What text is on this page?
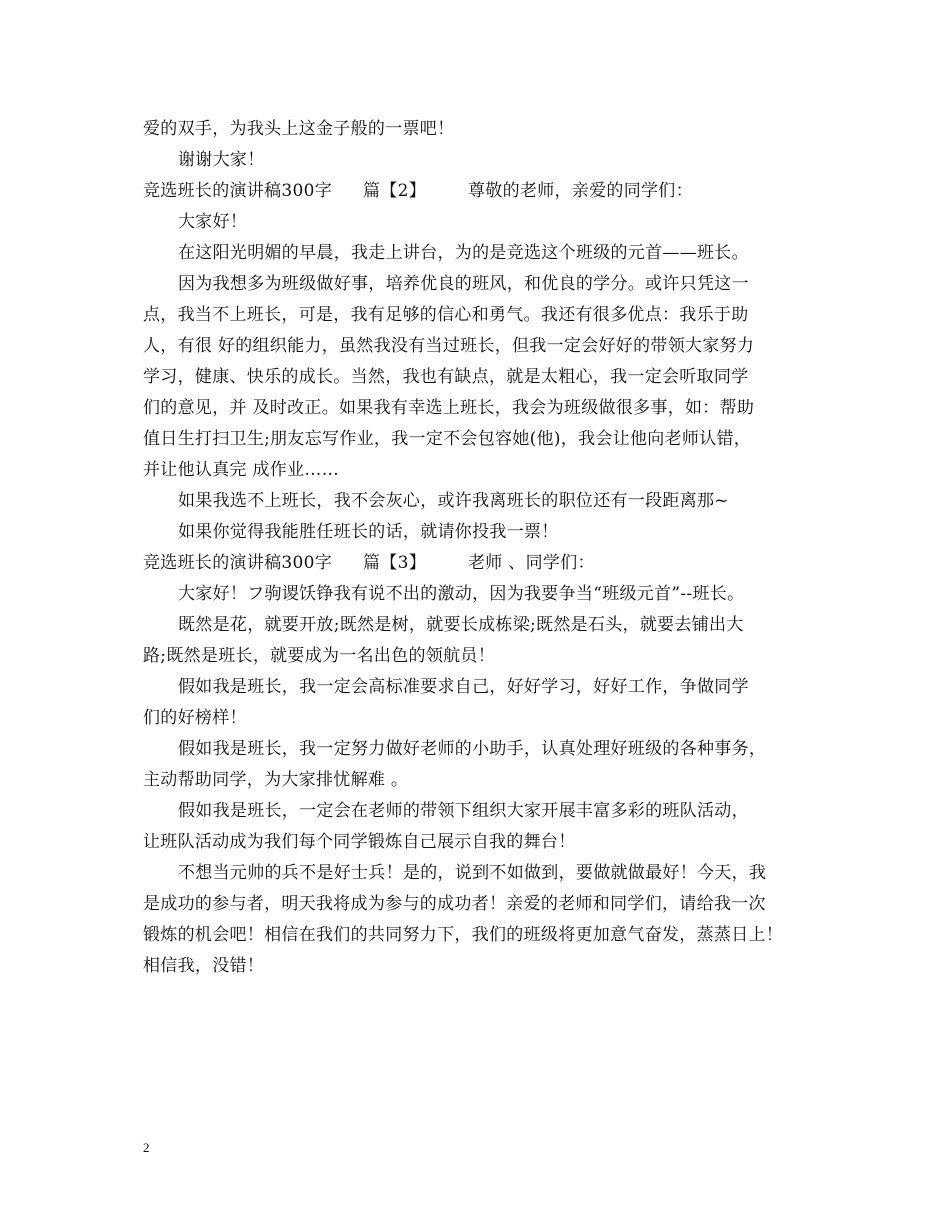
爱的双手，为我头上这金子般的一票吧！
谢谢大家！
竞选班长的演讲稿300字 篇【2】 尊敬的老师，亲爱的同学们：
大家好！
在这阳光明媚的早晨，我走上讲台，为的是竞选这个班级的元首——班长。
因为我想多为班级做好事，培养优良的班风，和优良的学分。或许只凭这一
点，我当不上班长，可是，我有足够的信心和勇气。我还有很多优点：我乐于助
人，有很 好的组织能力，虽然我没有当过班长，但我一定会好好的带领大家努力
学习，健康、快乐的成长。当然，我也有缺点，就是太粗心，我一定会听取同学
们的意见，并 及时改正。如果我有幸选上班长，我会为班级做很多事，如：帮助
值日生打扫卫生;朋友忘写作业，我一定不会包容她(他)，我会让他向老师认错，
并让他认真完 成作业……
如果我选不上班长，我不会灰心，或许我离班长的职位还有一段距离那~
如果你觉得我能胜任班长的话，就请你投我一票！
竞选班长的演讲稿300字 篇【3】 老师 、同学们：
大家好！フ驹谡饫铮我有说不出的激动，因为我要争当“班级元首”--班长。
既然是花，就要开放;既然是树，就要长成栋梁;既然是石头，就要去铺出大
路;既然是班长，就要成为一名出色的领航员！
假如我是班长，我一定会高标准要求自己，好好学习，好好工作，争做同学
们的好榜样！
假如我是班长，我一定努力做好老师的小助手，认真处理好班级的各种事务，
主动帮助同学，为大家排忧解难 。
假如我是班长，一定会在老师的带领下组织大家开展丰富多彩的班队活动，
让班队活动成为我们每个同学锻炼自己展示自我的舞台！
不想当元帅的兵不是好士兵！是的，说到不如做到，要做就做最好！今天，我
是成功的参与者，明天我将成为参与的成功者！亲爱的老师和同学们，请给我一次
锻炼的机会吧！相信在我们的共同努力下，我们的班级将更加意气奋发，蒸蒸日上！
相信我，没错！
2
